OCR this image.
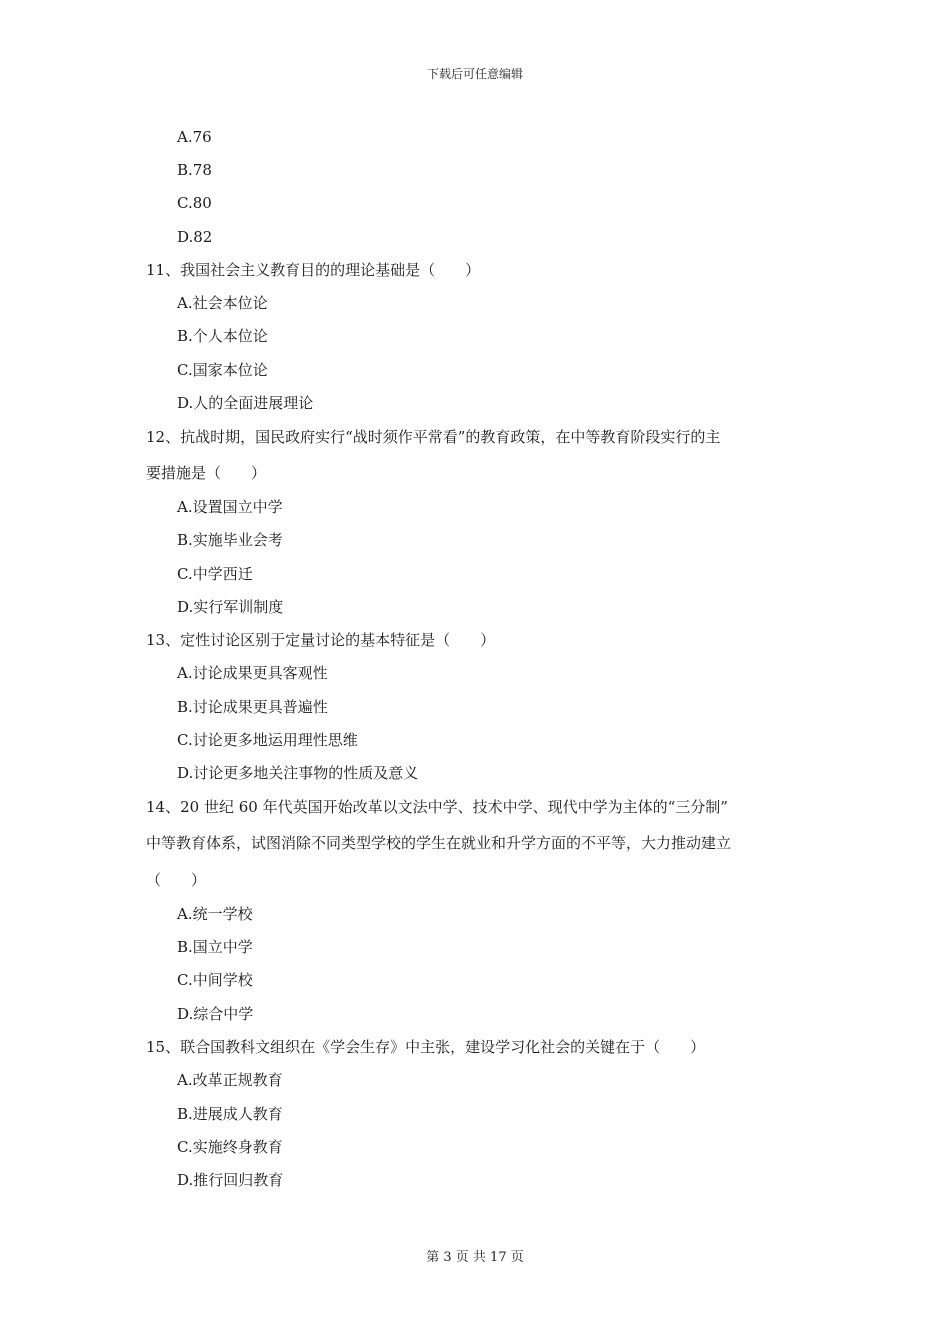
下载后可任意编辑
A.76
B.78
C.80
D.82
11、我国社会主义教育目的的理论基础是（　　）
A.社会本位论
B.个人本位论
C.国家本位论
D.人的全面进展理论
12、抗战时期，国民政府实行“战时须作平常看”的教育政策，在中等教育阶段实行的主
要措施是（　　）
A.设置国立中学
B.实施毕业会考
C.中学西迁
D.实行军训制度
13、定性讨论区别于定量讨论的基本特征是（　　）
A.讨论成果更具客观性
B.讨论成果更具普遍性
C.讨论更多地运用理性思维
D.讨论更多地关注事物的性质及意义
14、20 世纪 60 年代英国开始改革以文法中学、技术中学、现代中学为主体的“三分制”
中等教育体系，试图消除不同类型学校的学生在就业和升学方面的不平等，大力推动建立
（　　）
A.统一学校
B.国立中学
C.中间学校
D.综合中学
15、联合国教科文组织在《学会生存》中主张，建设学习化社会的关键在于（　　）
A.改革正规教育
B.进展成人教育
C.实施终身教育
D.推行回归教育
第 3 页 共 17 页
